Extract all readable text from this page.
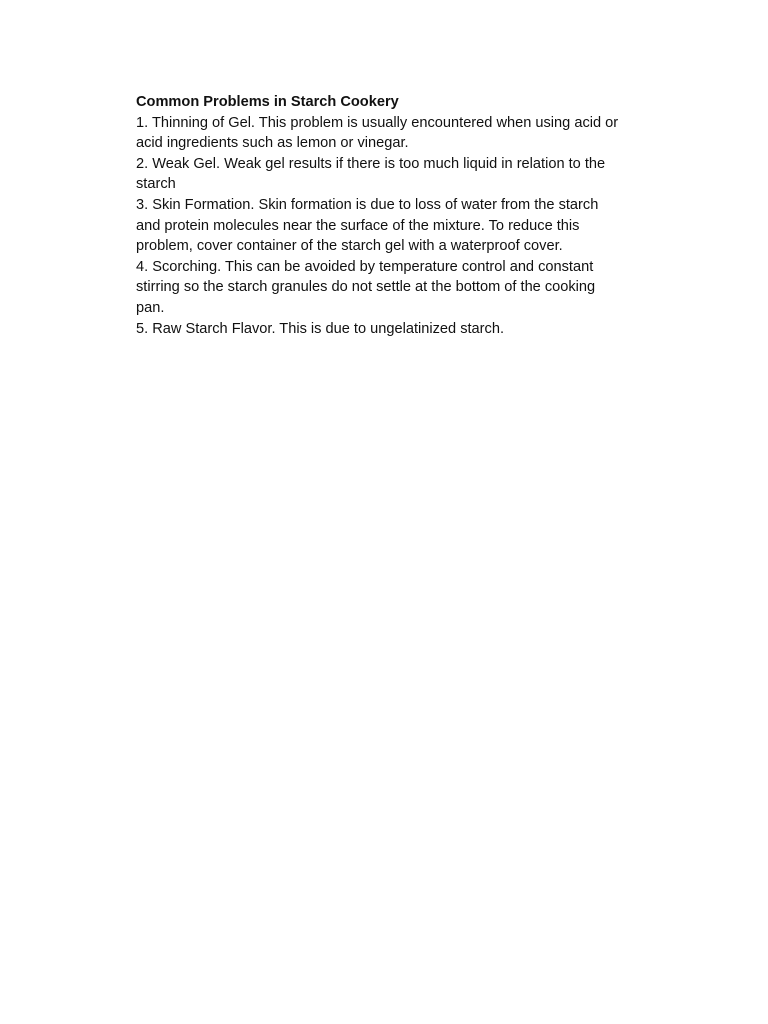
Common Problems in Starch Cookery

1. Thinning of Gel. This problem is usually encountered when using acid or acid ingredients such as lemon or vinegar.

2. Weak Gel. Weak gel results if there is too much liquid in relation to the starch

3. Skin Formation. Skin formation is due to loss of water from the starch and protein molecules near the surface of the mixture. To reduce this problem, cover container of the starch gel with a waterproof cover.

4. Scorching. This can be avoided by temperature control and constant stirring so the starch granules do not settle at the bottom of the cooking pan.

5. Raw Starch Flavor. This is due to ungelatinized starch.
